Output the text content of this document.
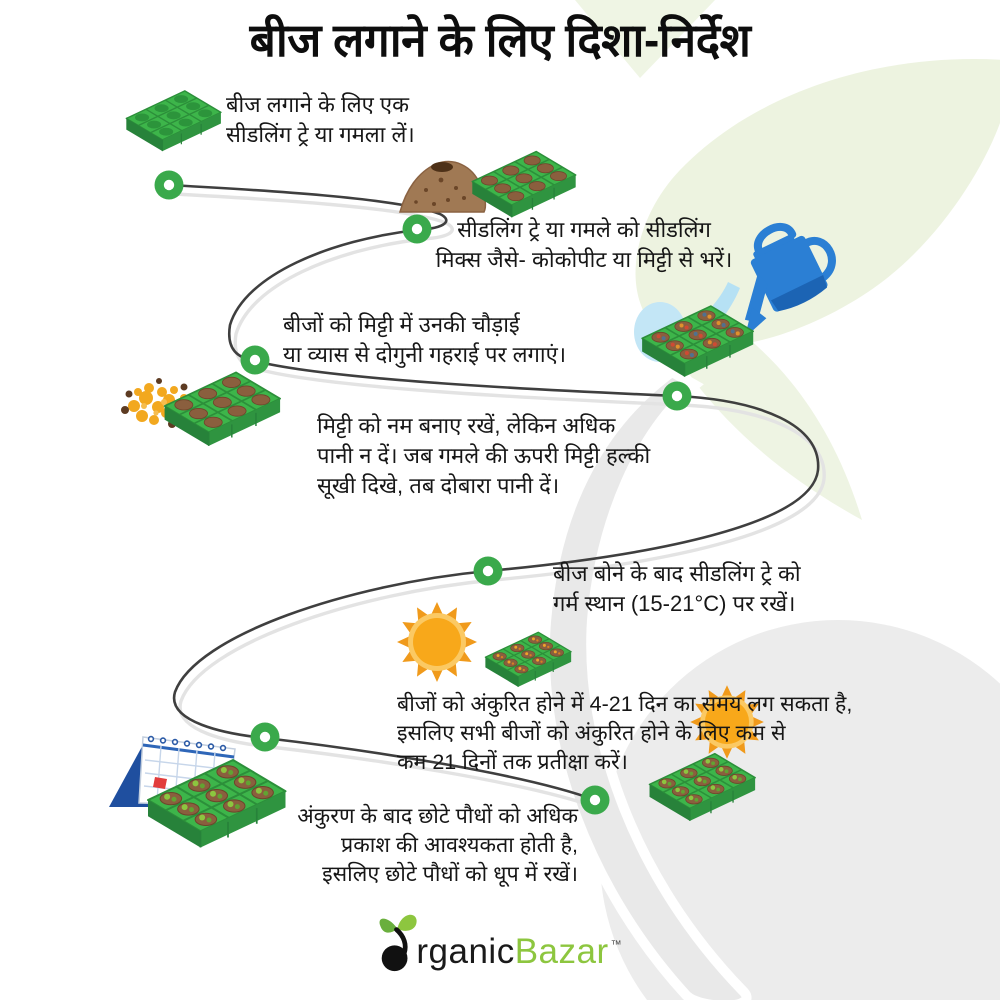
बीज लगाने के लिए दिशा-निर्देश
बीज लगाने के लिए एक
सीडलिंग ट्रे या गमला लें।
सीडलिंग ट्रे या गमले को सीडलिंग
मिक्स जैसे- कोकोपीट या मिट्टी से भरें।
बीजों को मिट्टी में उनकी चौड़ाई
या व्यास से दोगुनी गहराई पर लगाएं।
मिट्टी को नम बनाए रखें, लेकिन अधिक
पानी न दें। जब गमले की ऊपरी मिट्टी हल्की
सूखी दिखे, तब दोबारा पानी दें।
बीज बोने के बाद सीडलिंग ट्रे को
गर्म स्थान (15-21°C) पर रखें।
बीजों को अंकुरित होने में 4-21 दिन का समय लग सकता है,
इसलिए सभी बीजों को अंकुरित होने के लिए कम से
कम 21 दिनों तक प्रतीक्षा करें।
अंकुरण के बाद छोटे पौधों को अधिक
प्रकाश की आवश्यकता होती है,
इसलिए छोटे पौधों को धूप में रखें।
rganic Bazar ™
